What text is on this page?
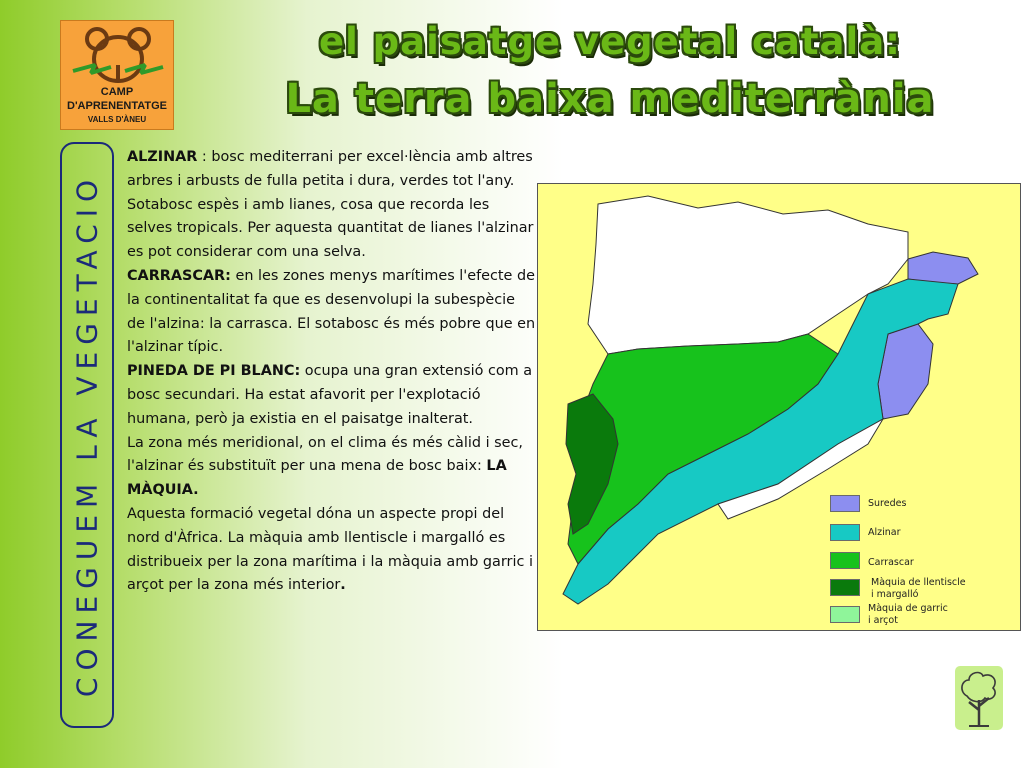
CAMP
D'APRENENTATGE
VALLS D'ÀNEU
el paisatge vegetal català:
La terra baixa mediterrània
CONEGUEM LA VEGETACIO

ALZINAR : bosc mediterrani per excel·lència amb altres arbres i arbusts de fulla petita i dura, verdes tot l'any. Sotabosc espès i amb lianes, cosa que recorda les selves tropicals. Per aquesta quantitat de lianes l'alzinar es pot considerar com una selva.

CARRASCAR: en les zones menys marítimes l'efecte de la continentalitat fa que es desenvolupi la subespècie de l'alzina: la carrasca. El sotabosc és més pobre que en l'alzinar típic.

PINEDA DE PI BLANC: ocupa una gran extensió com a bosc secundari. Ha estat afavorit per l'explotació humana, però ja existia en el paisatge inalterat.

La zona més meridional, on el clima és més càlid i sec, l'alzinar és substituït per una mena de bosc baix: LA MÀQUIA.

Aquesta formació vegetal dóna un aspecte propi del nord d'Àfrica. La màquia amb llentiscle i margalló es distribueix per la zona marítima i la màquia amb garric i arçot per la zona més interior.

Suredes
Alzinar
Carrascar
Màquia de llentiscle
i margalló
Màquia de garric
i arçot
